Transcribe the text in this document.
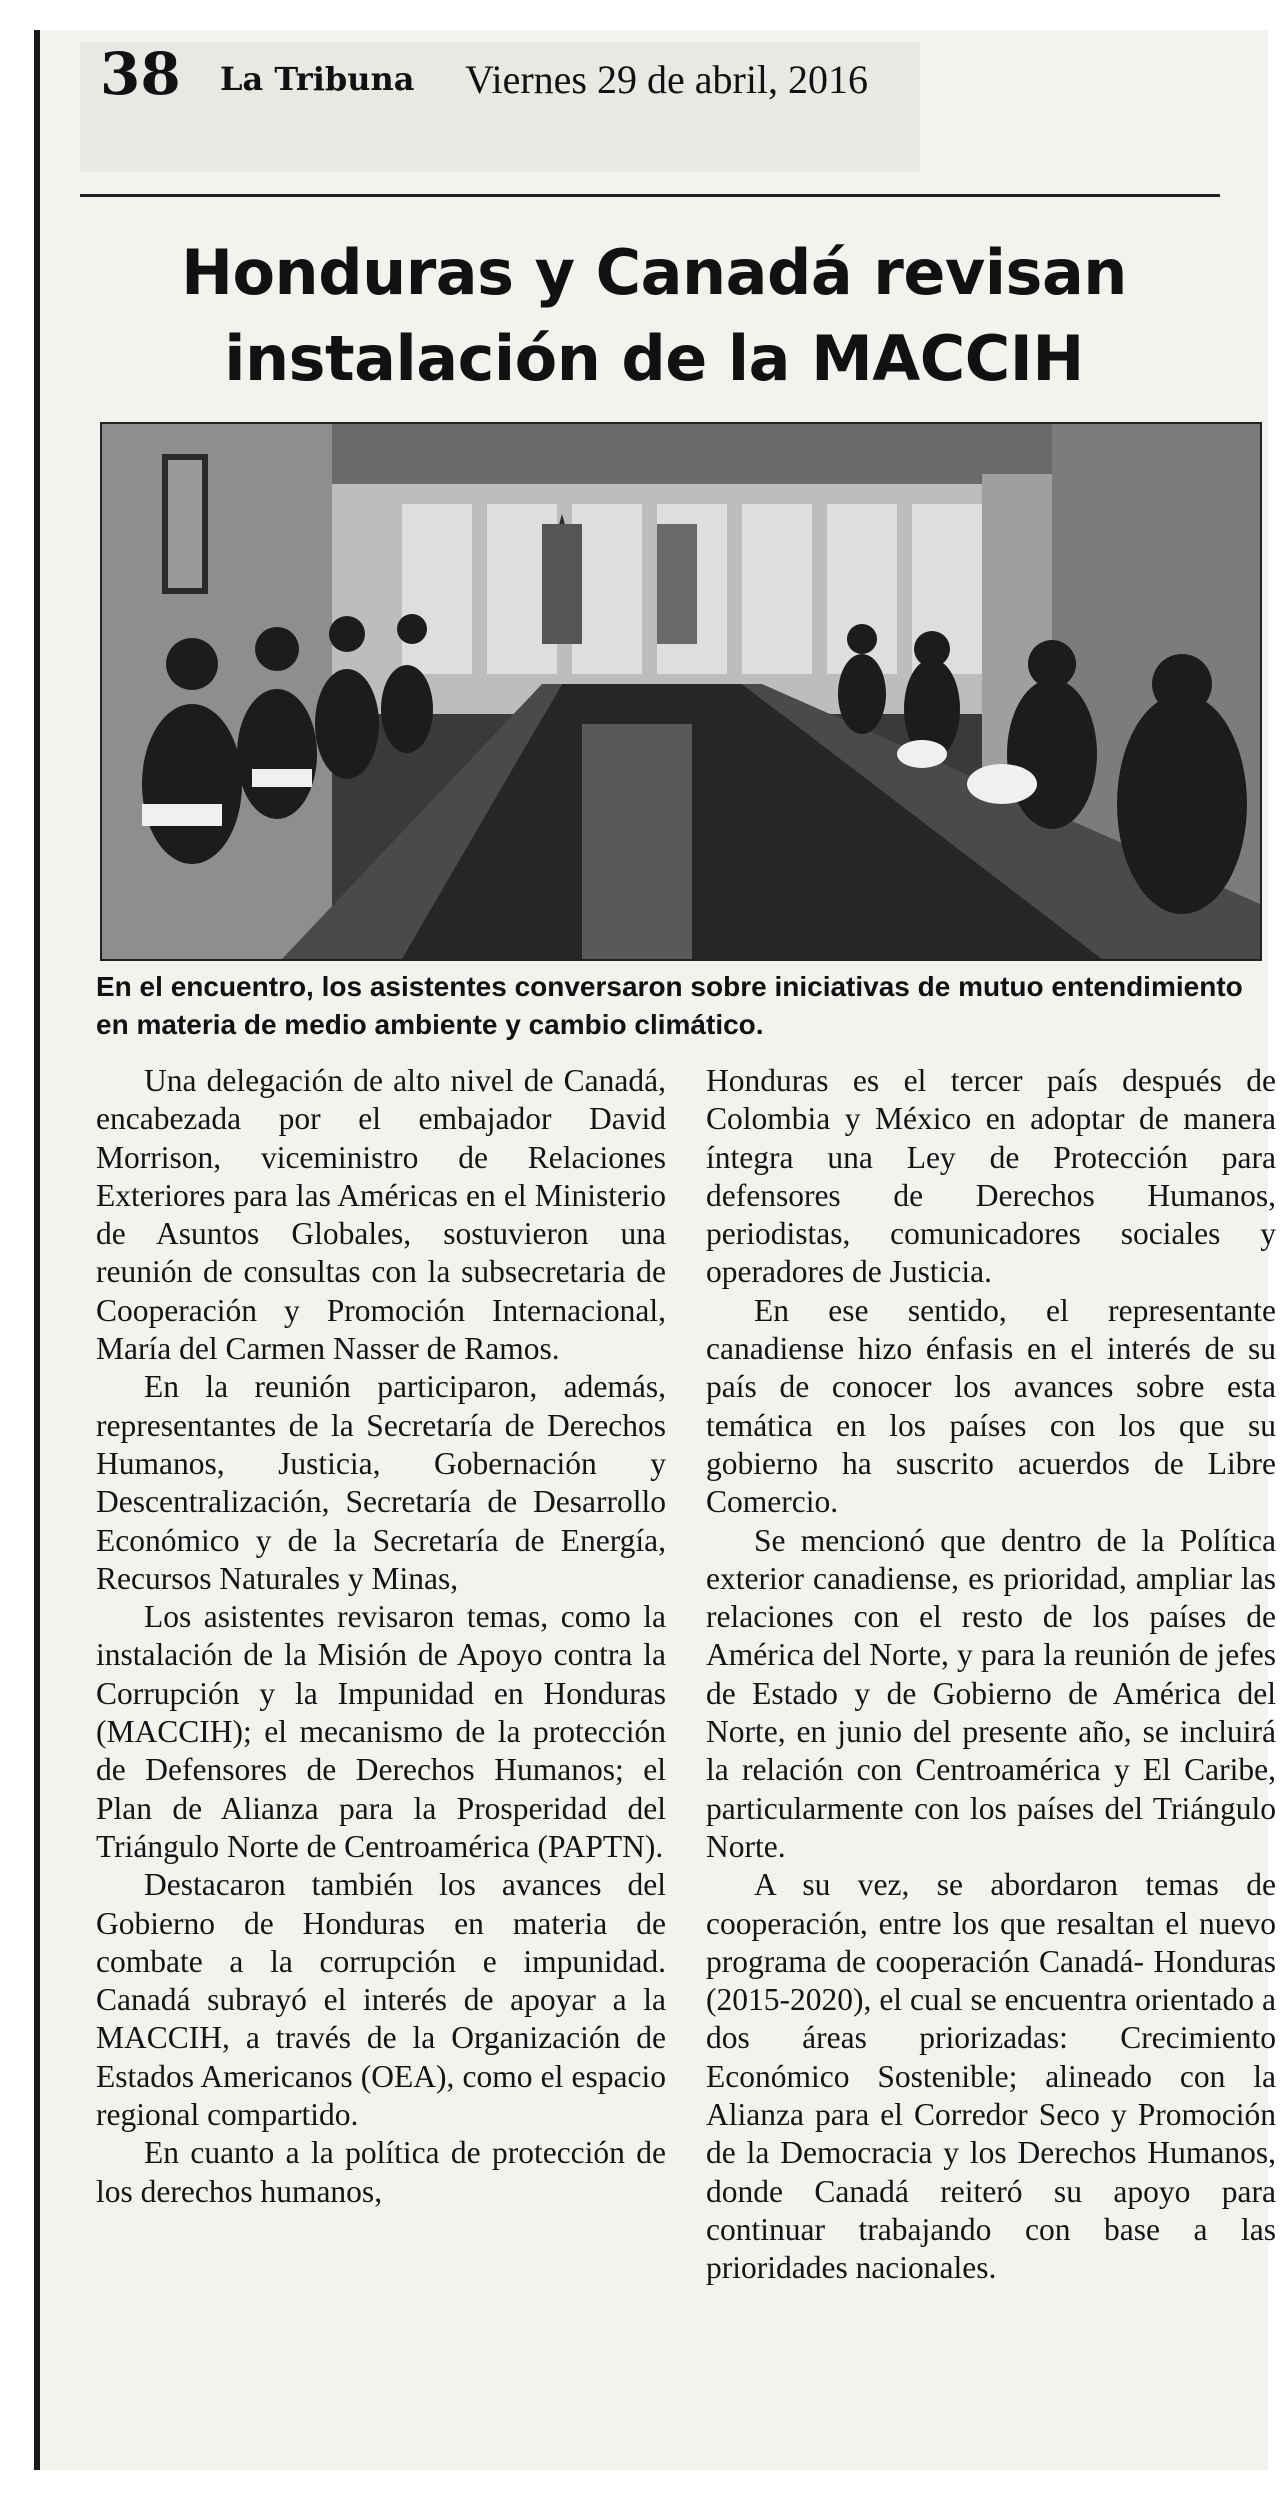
38 La Tribuna Viernes 29 de abril, 2016
Honduras y Canadá revisan
instalación de la MACCIH
En el encuentro, los asistentes conversaron sobre iniciativas de mutuo entendimiento en materia de medio ambiente y cambio climático.

Una delegación de alto nivel de Canadá, encabezada por el embajador David Morrison, viceministro de Relaciones Exteriores para las Américas en el Ministerio de Asuntos Globales, sostuvieron una reunión de consultas con la subsecretaria de Cooperación y Promoción Internacional, María del Carmen Nasser de Ramos.

En la reunión participaron, además, representantes de la Secretaría de Derechos Humanos, Justicia, Gobernación y Descentralización, Secretaría de Desarrollo Económico y de la Secretaría de Energía, Recursos Naturales y Minas,

Los asistentes revisaron temas, como la instalación de la Misión de Apoyo contra la Corrupción y la Impunidad en Honduras (MACCIH); el mecanismo de la protección de Defensores de Derechos Humanos; el Plan de Alianza para la Prosperidad del Triángulo Norte de Centroamérica (PAPTN).

Destacaron también los avances del Gobierno de Honduras en materia de combate a la corrupción e impunidad. Canadá subrayó el interés de apoyar a la MACCIH, a través de la Organización de Estados Americanos (OEA), como el espacio regional compartido.

En cuanto a la política de protección de los derechos humanos,

Honduras es el tercer país después de Colombia y México en adoptar de manera íntegra una Ley de Protección para defensores de Derechos Humanos, periodistas, comunicadores sociales y operadores de Justicia.

En ese sentido, el representante canadiense hizo énfasis en el interés de su país de conocer los avances sobre esta temática en los países con los que su gobierno ha suscrito acuerdos de Libre Comercio.

Se mencionó que dentro de la Política exterior canadiense, es prioridad, ampliar las relaciones con el resto de los países de América del Norte, y para la reunión de jefes de Estado y de Gobierno de América del Norte, en junio del presente año, se incluirá la relación con Centroamérica y El Caribe, particularmente con los países del Triángulo Norte.

A su vez, se abordaron temas de cooperación, entre los que resaltan el nuevo programa de cooperación Canadá- Honduras (2015-2020), el cual se encuentra orientado a dos áreas priorizadas: Crecimiento Económico Sostenible; alineado con la Alianza para el Corredor Seco y Promoción de la Democracia y los Derechos Humanos, donde Canadá reiteró su apoyo para continuar trabajando con base a las prioridades nacionales.
